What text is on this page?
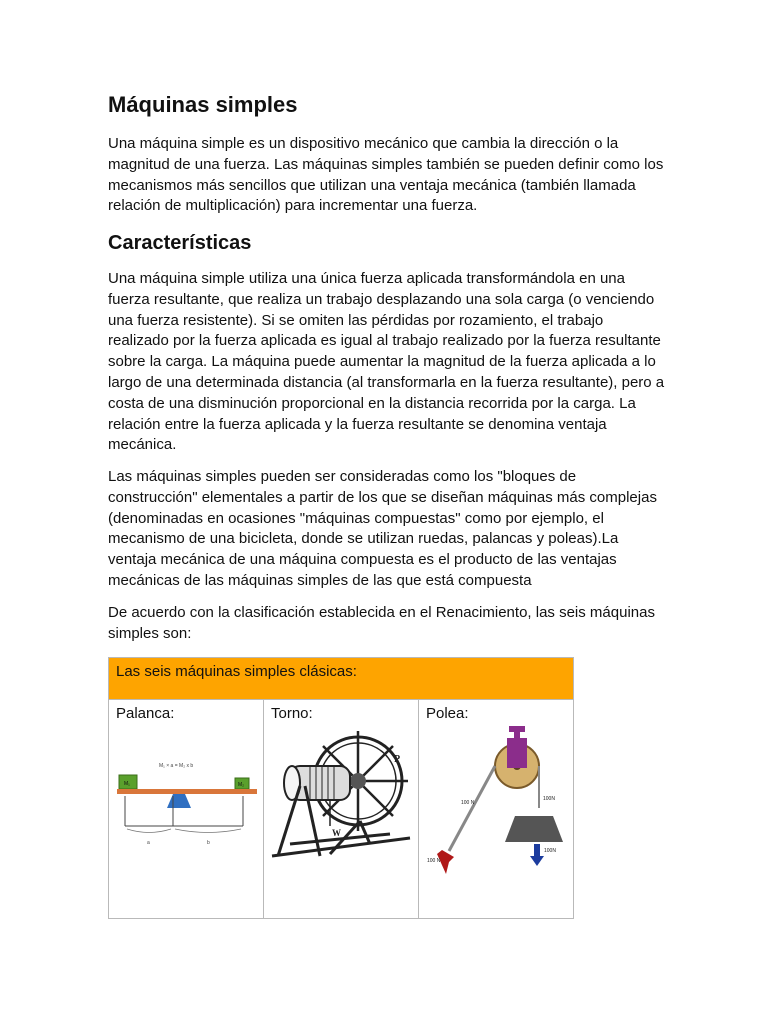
Máquinas simples

Una máquina simple es un dispositivo mecánico que cambia la dirección o la magnitud de una fuerza. Las máquinas simples también se pueden definir como los mecanismos más sencillos que utilizan una ventaja mecánica (también llamada relación de multiplicación) para incrementar una fuerza.

Características

Una máquina simple utiliza una única fuerza aplicada transformándola en una fuerza resultante, que realiza un trabajo desplazando una sola carga (o venciendo una fuerza resistente). Si se omiten las pérdidas por rozamiento, el trabajo realizado por la fuerza aplicada es igual al trabajo realizado por la fuerza resultante sobre la carga. La máquina puede aumentar la magnitud de la fuerza aplicada a lo largo de una determinada distancia (al transformarla en la fuerza resultante), pero a costa de una disminución proporcional en la distancia recorrida por la carga. La relación entre la fuerza aplicada y la fuerza resultante se denomina ventaja mecánica.

Las máquinas simples pueden ser consideradas como los "bloques de construcción" elementales a partir de los que se diseñan máquinas más complejas (denominadas en ocasiones "máquinas compuestas" como por ejemplo, el mecanismo de una bicicleta, donde se utilizan ruedas, palancas y poleas).La ventaja mecánica de una máquina compuesta es el producto de las ventajas mecánicas de las máquinas simples de las que está compuesta

De acuerdo con la clasificación establecida en el Renacimiento, las seis máquinas simples son:

Las seis máquinas simples clásicas:

Palanca:
M₁ × a = M₂ x b
M₁	M₂
a	b

Torno:
W
P

Polea:
100 N
100N
100N
100 N
